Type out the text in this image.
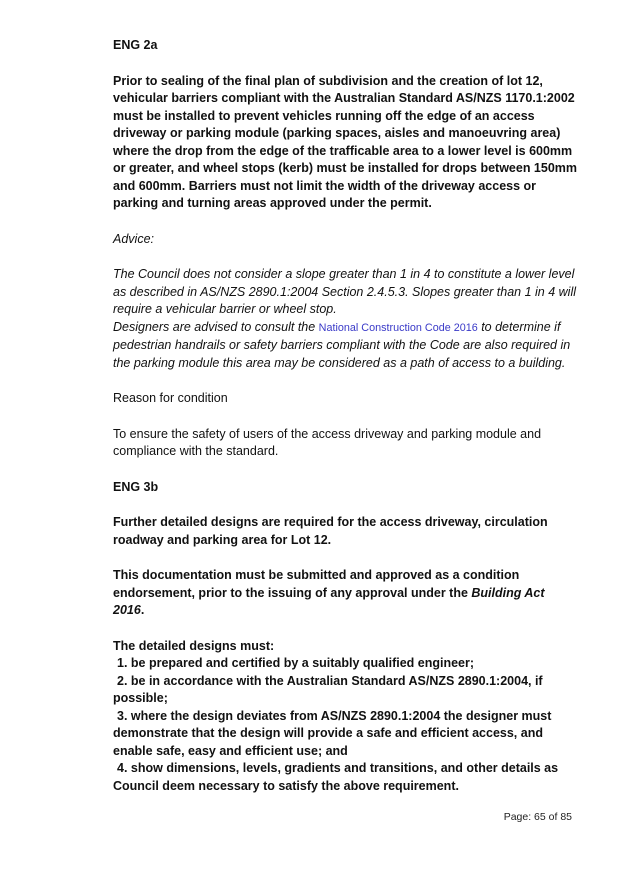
ENG 2a
Prior to sealing of the final plan of subdivision and the creation of lot 12, vehicular barriers compliant with the Australian Standard AS/NZS 1170.1:2002 must be installed to prevent vehicles running off the edge of an access driveway or parking module (parking spaces, aisles and manoeuvring area) where the drop from the edge of the trafficable area to a lower level is 600mm or greater, and wheel stops (kerb) must be installed for drops between 150mm and 600mm. Barriers must not limit the width of the driveway access or parking and turning areas approved under the permit.
Advice:
The Council does not consider a slope greater than 1 in 4 to constitute a lower level as described in AS/NZS 2890.1:2004 Section 2.4.5.3. Slopes greater than 1 in 4 will require a vehicular barrier or wheel stop.
Designers are advised to consult the National Construction Code 2016 to determine if pedestrian handrails or safety barriers compliant with the Code are also required in the parking module this area may be considered as a path of access to a building.
Reason for condition
To ensure the safety of users of the access driveway and parking module and compliance with the standard.
ENG 3b
Further detailed designs are required for the access driveway, circulation roadway and parking area for Lot 12.
This documentation must be submitted and approved as a condition endorsement, prior to the issuing of any approval under the Building Act 2016.
The detailed designs must:
1. be prepared and certified by a suitably qualified engineer;
2. be in accordance with the Australian Standard AS/NZS 2890.1:2004, if possible;
3. where the design deviates from AS/NZS 2890.1:2004 the designer must demonstrate that the design will provide a safe and efficient access, and enable safe, easy and efficient use; and
4. show dimensions, levels, gradients and transitions, and other details as Council deem necessary to satisfy the above requirement.
Page: 65 of 85
